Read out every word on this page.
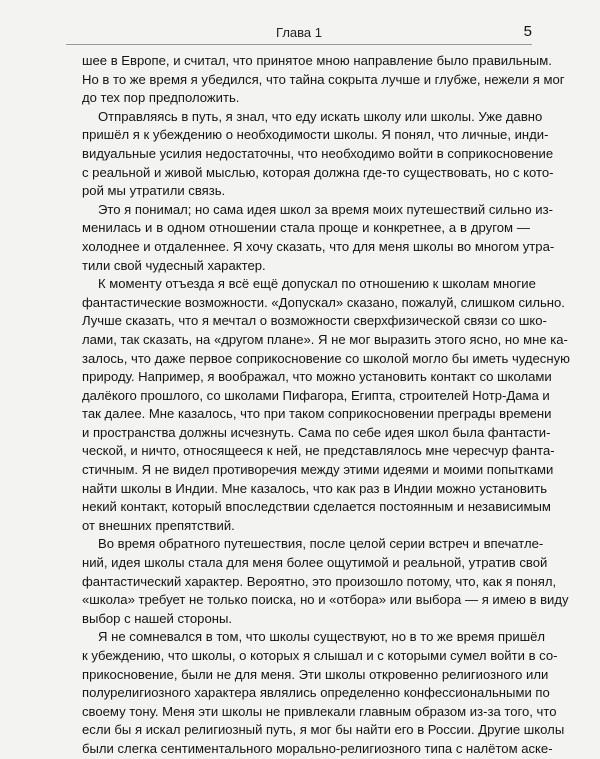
Глава 1	5

шее в Европе, и считал, что принятое мною направление было правильным.
Но в то же время я убедился, что тайна сокрыта лучше и глубже, нежели я мог
до тех пор предположить.

Отправляясь в путь, я знал, что еду искать школу или школы. Уже давно
пришёл я к убеждению о необходимости школы. Я понял, что личные, инди-
видуальные усилия недостаточны, что необходимо войти в соприкосновение
с реальной и живой мыслью, которая должна где-то существовать, но с кото-
рой мы утратили связь.

Это я понимал; но сама идея школ за время моих путешествий сильно из-
менилась и в одном отношении стала проще и конкретнее, а в другом —
холоднее и отдаленнее. Я хочу сказать, что для меня школы во многом утра-
тили свой чудесный характер.

К моменту отъезда я всё ещё допускал по отношению к школам многие
фантастические возможности. «Допускал» сказано, пожалуй, слишком сильно.
Лучше сказать, что я мечтал о возможности сверхфизической связи со шко-
лами, так сказать, на «другом плане». Я не мог выразить этого ясно, но мне ка-
залось, что даже первое соприкосновение со школой могло бы иметь чудесную
природу. Например, я воображал, что можно установить контакт со школами
далёкого прошлого, со школами Пифагора, Египта, строителей Нотр-Дама и
так далее. Мне казалось, что при таком соприкосновении преграды времени
и пространства должны исчезнуть. Сама по себе идея школ была фантасти-
ческой, и ничто, относящееся к ней, не представлялось мне чересчур фанта-
стичным. Я не видел противоречия между этими идеями и моими попытками
найти школы в Индии. Мне казалось, что как раз в Индии можно установить
некий контакт, который впоследствии сделается постоянным и независимым
от внешних препятствий.

Во время обратного путешествия, после целой серии встреч и впечатле-
ний, идея школы стала для меня более ощутимой и реальной, утратив свой
фантастический характер. Вероятно, это произошло потому, что, как я понял,
«школа» требует не только поиска, но и «отбора» или выбора — я имею в виду
выбор с нашей стороны.

Я не сомневался в том, что школы существуют, но в то же время пришёл
к убеждению, что школы, о которых я слышал и с которыми сумел войти в со-
прикосновение, были не для меня. Эти школы откровенно религиозного или
полурелигиозного характера являлись определенно конфессиональными по
своему тону. Меня эти школы не привлекали главным образом из-за того, что
если бы я искал религиозный путь, я мог бы найти его в России. Другие школы
были слегка сентиментального морально-религиозного типа с налётом аске-
